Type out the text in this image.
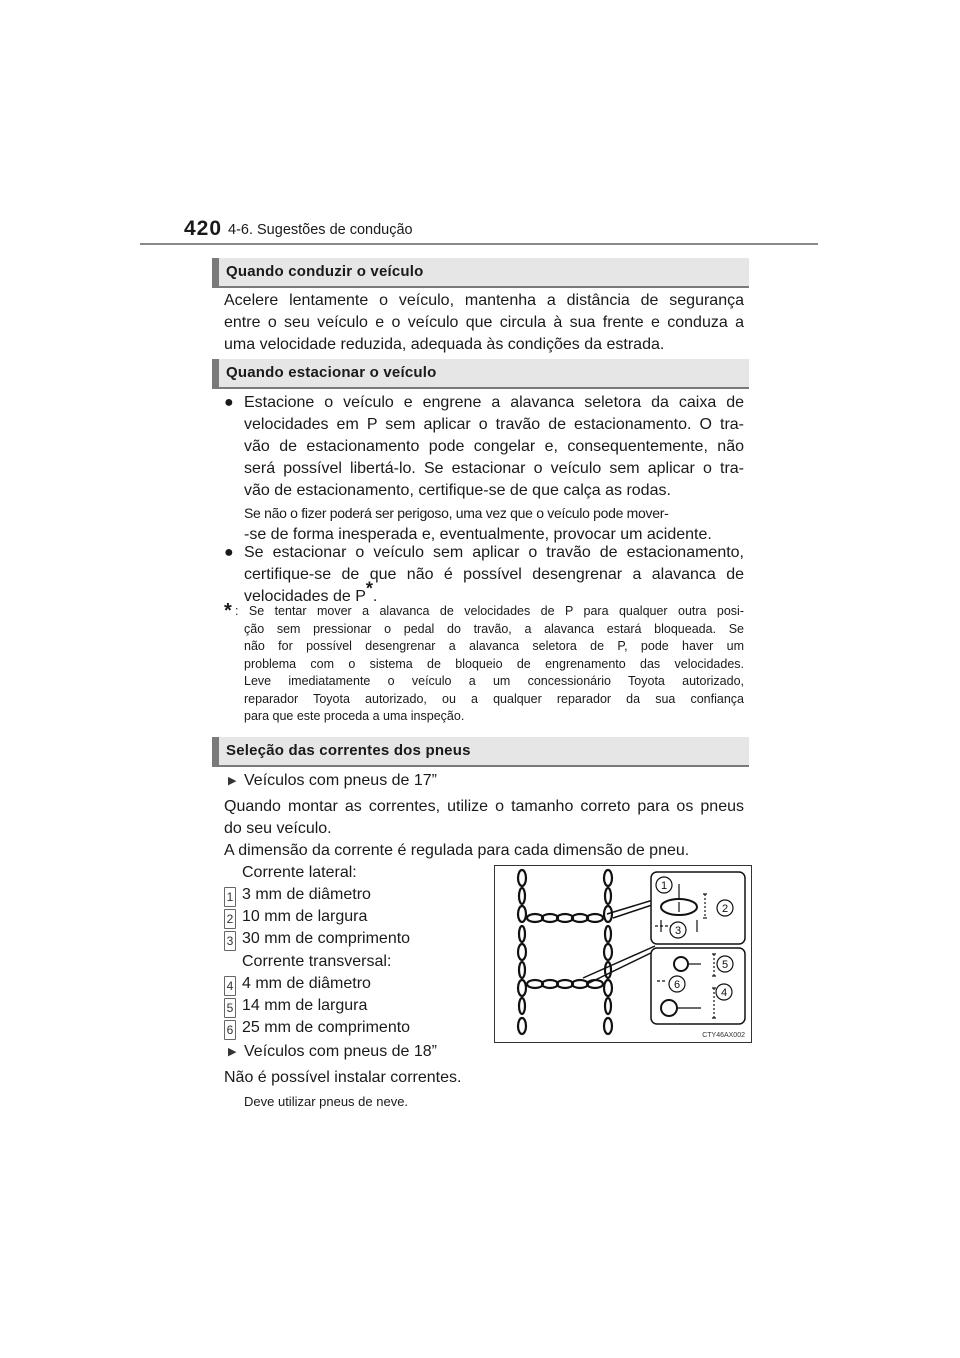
420 4-6. Sugestões de condução
Quando conduzir o veículo
Acelere lentamente o veículo, mantenha a distância de segurança
entre o seu veículo e o veículo que circula à sua frente e conduza a
uma velocidade reduzida, adequada às condições da estrada.
Quando estacionar o veículo
● Estacione o veículo e engrene a alavanca seletora da caixa de
velocidades em P sem aplicar o travão de estacionamento. O tra-
vão de estacionamento pode congelar e, consequentemente, não
será possível libertá-lo. Se estacionar o veículo sem aplicar o tra-
vão de estacionamento, certifique-se de que calça as rodas.
Se não o fizer poderá ser perigoso, uma vez que o veículo pode mover-
-se de forma inesperada e, eventualmente, provocar um acidente.
● Se estacionar o veículo sem aplicar o travão de estacionamento,
certifique-se de que não é possível desengrenar a alavanca de
velocidades de P*.
* : Se tentar mover a alavanca de velocidades de P para qualquer outra posi-
ção sem pressionar o pedal do travão, a alavanca estará bloqueada. Se
não for possível desengrenar a alavanca seletora de P, pode haver um
problema com o sistema de bloqueio de engrenamento das velocidades.
Leve imediatamente o veículo a um concessionário Toyota autorizado,
reparador Toyota autorizado, ou a qualquer reparador da sua confiança
para que este proceda a uma inspeção.
Seleção das correntes dos pneus
▶ Veículos com pneus de 17”
Quando montar as correntes, utilize o tamanho correto para os pneus
do seu veículo.
A dimensão da corrente é regulada para cada dimensão de pneu.
Corrente lateral:
1 3 mm de diâmetro
2 10 mm de largura
3 30 mm de comprimento
Corrente transversal:
4 4 mm de diâmetro
5 14 mm de largura
6 25 mm de comprimento
▶ Veículos com pneus de 18”
Não é possível instalar correntes.
Deve utilizar pneus de neve.
1
2
3
4
5
6
CTY46AX002
